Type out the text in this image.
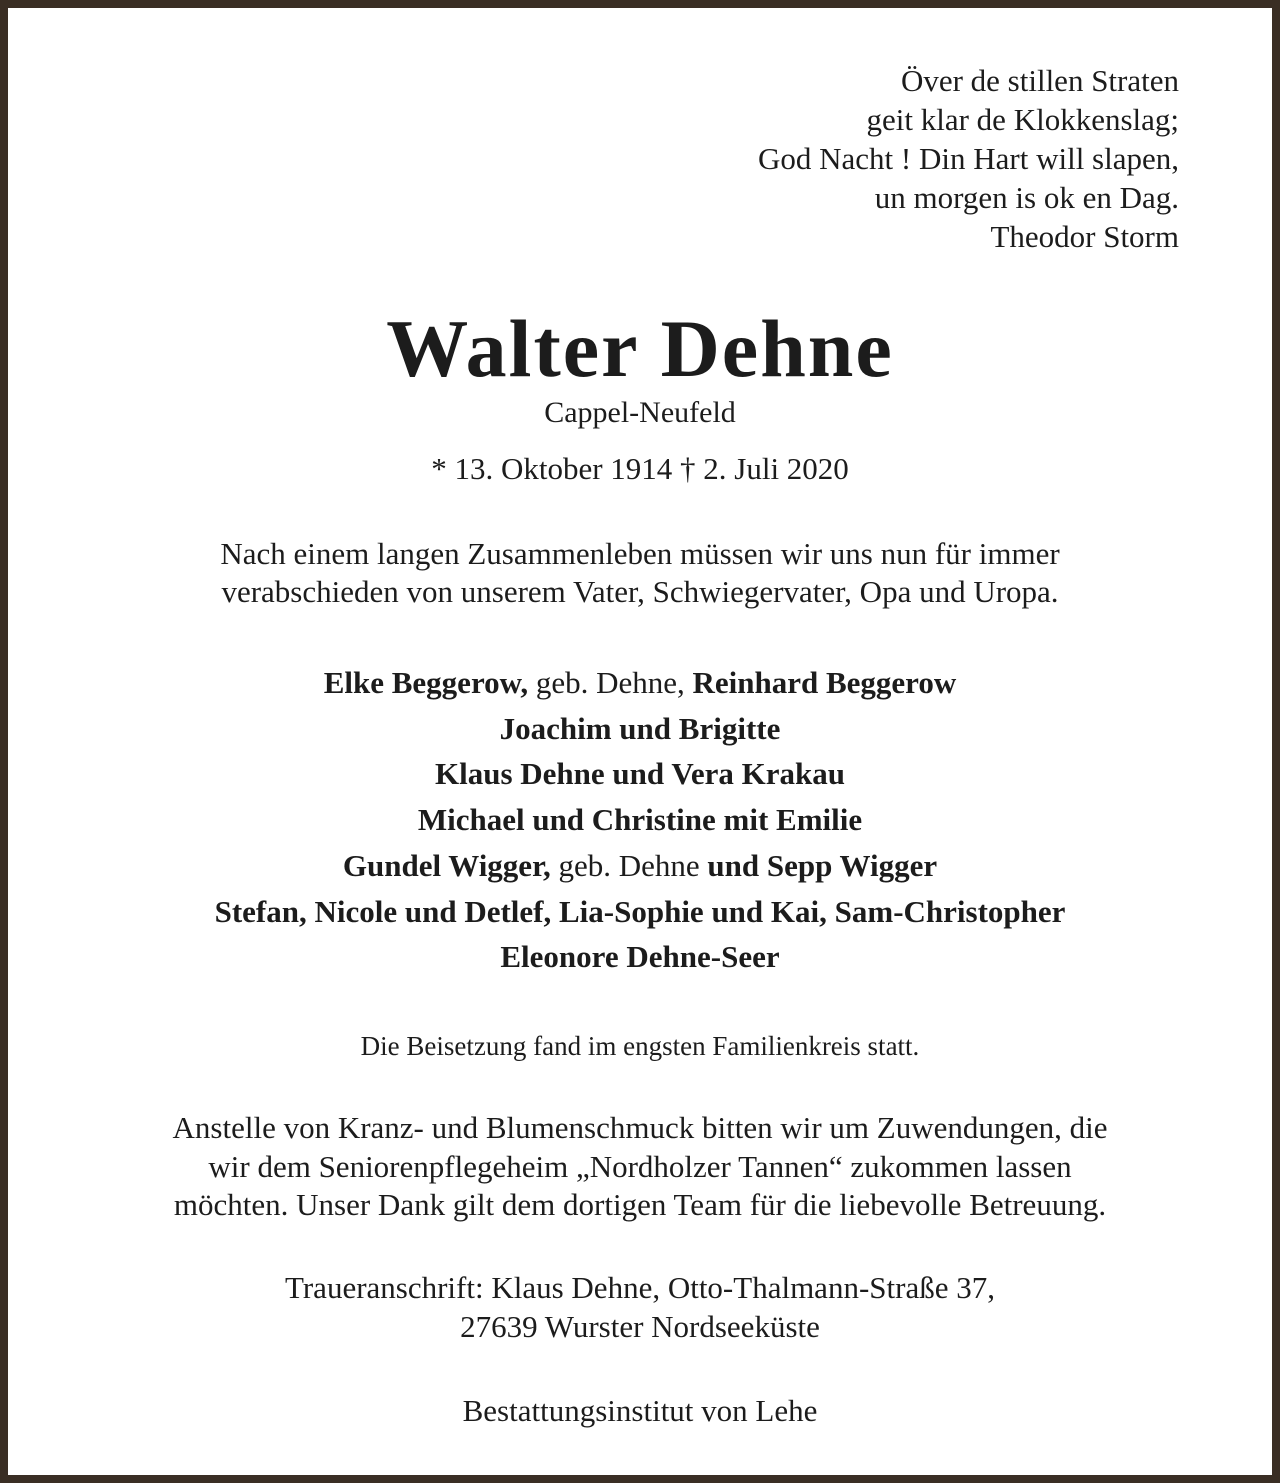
Över de stillen Straten
geit klar de Klokkenslag;
God Nacht ! Din Hart will slapen,
un morgen is ok en Dag.
Theodor Storm
Walter Dehne
Cappel-Neufeld
* 13. Oktober 1914 † 2. Juli 2020
Nach einem langen Zusammenleben müssen wir uns nun für immer
verabschieden von unserem Vater, Schwiegervater, Opa und Uropa.
Elke Beggerow, geb. Dehne, Reinhard Beggerow
Joachim und Brigitte
Klaus Dehne und Vera Krakau
Michael und Christine mit Emilie
Gundel Wigger, geb. Dehne und Sepp Wigger
Stefan, Nicole und Detlef, Lia-Sophie und Kai, Sam-Christopher
Eleonore Dehne-Seer
Die Beisetzung fand im engsten Familienkreis statt.
Anstelle von Kranz- und Blumenschmuck bitten wir um Zuwendungen, die
wir dem Seniorenpflegeheim „Nordholzer Tannen“ zukommen lassen
möchten. Unser Dank gilt dem dortigen Team für die liebevolle Betreuung.
Traueranschrift: Klaus Dehne, Otto-Thalmann-Straße 37,
27639 Wurster Nordseeküste
Bestattungsinstitut von Lehe
